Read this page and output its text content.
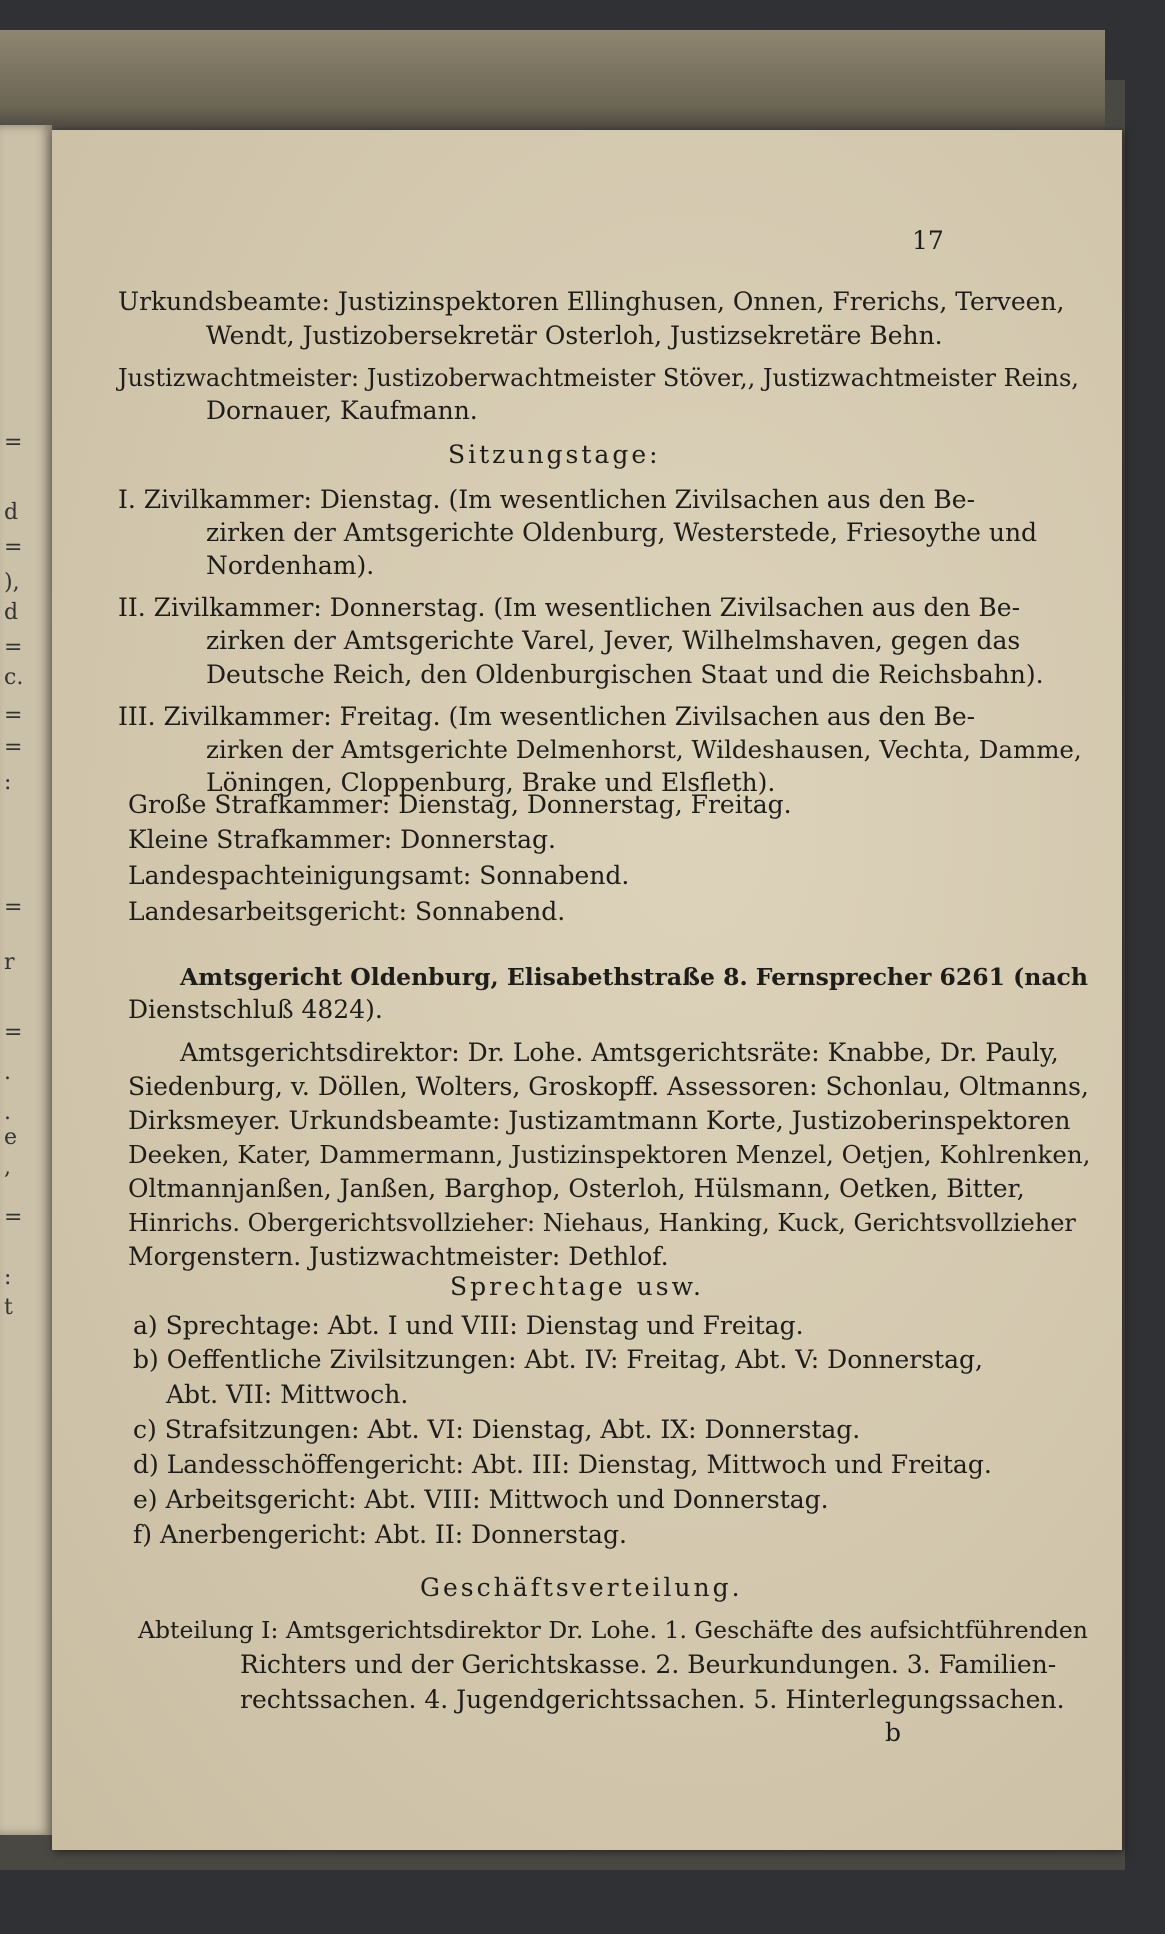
=
d
=
),
d
=
c.
=
=
:
=
r
=
.
.
e
,
=
:
t
17
Urkundsbeamte: Justizinspektoren Ellinghusen, Onnen, Frerichs, Terveen,
Wendt, Justizobersekretär Osterloh, Justizsekretäre Behn.
Justizwachtmeister: Justizoberwachtmeister Stöver,, Justizwachtmeister Reins,
Dornauer, Kaufmann.
Sitzungstage:
I. Zivilkammer: Dienstag. (Im wesentlichen Zivilsachen aus den Be-
zirken der Amtsgerichte Oldenburg, Westerstede, Friesoythe und
Nordenham).
II. Zivilkammer: Donnerstag. (Im wesentlichen Zivilsachen aus den Be-
zirken der Amtsgerichte Varel, Jever, Wilhelmshaven, gegen das
Deutsche Reich, den Oldenburgischen Staat und die Reichsbahn).
III. Zivilkammer: Freitag. (Im wesentlichen Zivilsachen aus den Be-
zirken der Amtsgerichte Delmenhorst, Wildeshausen, Vechta, Damme,
Löningen, Cloppenburg, Brake und Elsfleth).
Große Strafkammer: Dienstag, Donnerstag, Freitag.
Kleine Strafkammer: Donnerstag.
Landespachteinigungsamt: Sonnabend.
Landesarbeitsgericht: Sonnabend.
Amtsgericht Oldenburg, Elisabethstraße 8. Fernsprecher 6261 (nach
Dienstschluß 4824).
Amtsgerichtsdirektor: Dr. Lohe. Amtsgerichtsräte: Knabbe, Dr. Pauly,
Siedenburg, v. Döllen, Wolters, Groskopff. Assessoren: Schonlau, Oltmanns,
Dirksmeyer. Urkundsbeamte: Justizamtmann Korte, Justizoberinspektoren
Deeken, Kater, Dammermann, Justizinspektoren Menzel, Oetjen, Kohlrenken,
Oltmannjanßen, Janßen, Barghop, Osterloh, Hülsmann, Oetken, Bitter,
Hinrichs. Obergerichtsvollzieher: Niehaus, Hanking, Kuck, Gerichtsvollzieher
Morgenstern. Justizwachtmeister: Dethlof.
Sprechtage usw.
a) Sprechtage: Abt. I und VIII: Dienstag und Freitag.
b) Oeffentliche Zivilsitzungen: Abt. IV: Freitag, Abt. V: Donnerstag,
Abt. VII: Mittwoch.
c) Strafsitzungen: Abt. VI: Dienstag, Abt. IX: Donnerstag.
d) Landesschöffengericht: Abt. III: Dienstag, Mittwoch und Freitag.
e) Arbeitsgericht: Abt. VIII: Mittwoch und Donnerstag.
f) Anerbengericht: Abt. II: Donnerstag.
Geschäftsverteilung.
Abteilung I: Amtsgerichtsdirektor Dr. Lohe. 1. Geschäfte des aufsichtführenden
Richters und der Gerichtskasse. 2. Beurkundungen. 3. Familien-
rechtssachen. 4. Jugendgerichtssachen. 5. Hinterlegungssachen.
b
